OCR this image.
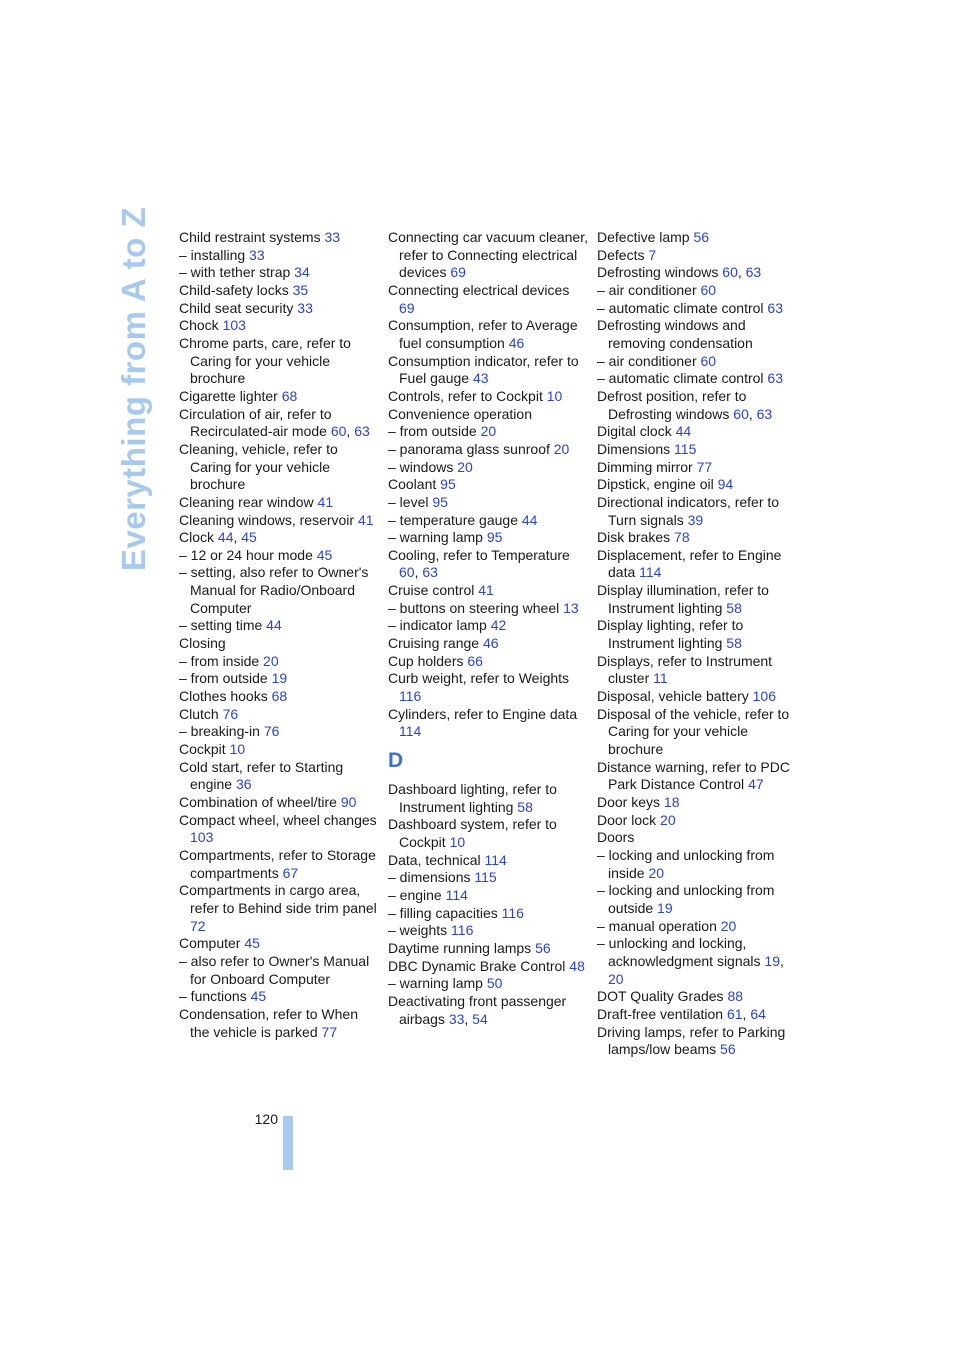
Everything from A to Z Child restraint systems 33
– installing 33
– with tether strap 34
Child-safety locks 35
Child seat security 33
Chock 103
Chrome parts, care, refer to Caring for your vehicle brochure
Cigarette lighter 68
Circulation of air, refer to Recirculated-air mode 60, 63
Cleaning, vehicle, refer to Caring for your vehicle brochure
Cleaning rear window 41
Cleaning windows, reservoir 41
Clock 44, 45
– 12 or 24 hour mode 45
– setting, also refer to Owner's Manual for Radio/Onboard Computer
– setting time 44
Closing
– from inside 20
– from outside 19
Clothes hooks 68
Clutch 76
– breaking-in 76
Cockpit 10
Cold start, refer to Starting engine 36
Combination of wheel/tire 90
Compact wheel, wheel changes 103
Compartments, refer to Storage compartments 67
Compartments in cargo area, refer to Behind side trim panel 72
Computer 45
– also refer to Owner's Manual for Onboard Computer
– functions 45
Condensation, refer to When the vehicle is parked 77
Connecting car vacuum cleaner, refer to Connecting electrical devices 69
Connecting electrical devices 69
Consumption, refer to Average fuel consumption 46
Consumption indicator, refer to Fuel gauge 43
Controls, refer to Cockpit 10
Convenience operation
– from outside 20
– panorama glass sunroof 20
– windows 20
Coolant 95
– level 95
– temperature gauge 44
– warning lamp 95
Cooling, refer to Temperature 60, 63
Cruise control 41
– buttons on steering wheel 13
– indicator lamp 42
Cruising range 46
Cup holders 66
Curb weight, refer to Weights 116
Cylinders, refer to Engine data 114
D
Dashboard lighting, refer to Instrument lighting 58
Dashboard system, refer to Cockpit 10
Data, technical 114
– dimensions 115
– engine 114
– filling capacities 116
– weights 116
Daytime running lamps 56
DBC Dynamic Brake Control 48
– warning lamp 50
Deactivating front passenger airbags 33, 54
Defective lamp 56
Defects 7
Defrosting windows 60, 63
– air conditioner 60
– automatic climate control 63
Defrosting windows and removing condensation
– air conditioner 60
– automatic climate control 63
Defrost position, refer to Defrosting windows 60, 63
Digital clock 44
Dimensions 115
Dimming mirror 77
Dipstick, engine oil 94
Directional indicators, refer to Turn signals 39
Disk brakes 78
Displacement, refer to Engine data 114
Display illumination, refer to Instrument lighting 58
Display lighting, refer to Instrument lighting 58
Displays, refer to Instrument cluster 11
Disposal, vehicle battery 106
Disposal of the vehicle, refer to Caring for your vehicle brochure
Distance warning, refer to PDC Park Distance Control 47
Door keys 18
Door lock 20
Doors
– locking and unlocking from inside 20
– locking and unlocking from outside 19
– manual operation 20
– unlocking and locking, acknowledgment signals 19, 20
DOT Quality Grades 88
Draft-free ventilation 61, 64
Driving lamps, refer to Parking lamps/low beams 56
120
